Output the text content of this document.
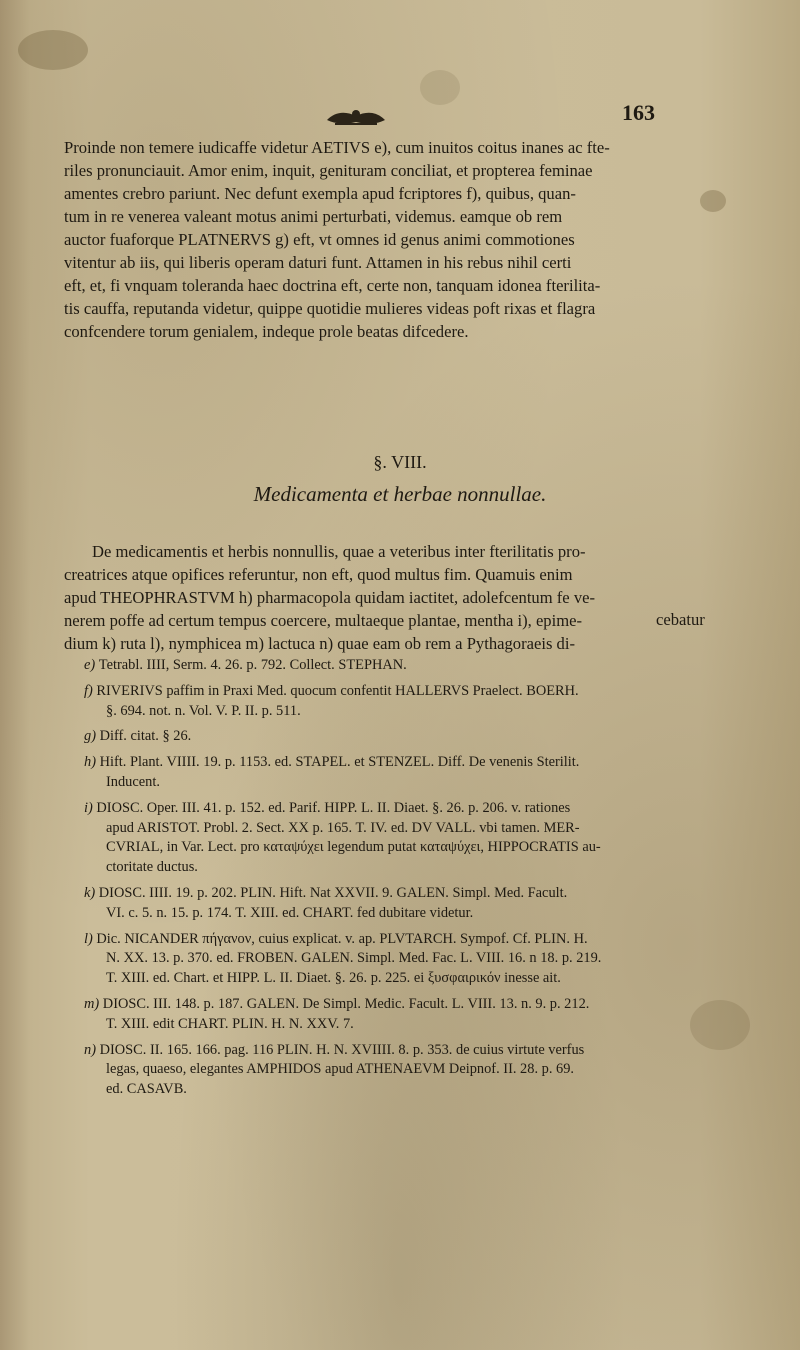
163
Proinde non temere iudicaffe videtur AETIVS e), cum inuitos coitus inanes ac fte-
riles pronunciauit. Amor enim, inquit, genituram conciliat, et propterea feminae
amentes crebro pariunt. Nec defunt exempla apud fcriptores f), quibus, quan-
tum in re venerea valeant motus animi perturbati, videmus. eamque ob rem
auctor fuaforque PLATNERVS g) eft, vt omnes id genus animi commotiones
vitentur ab iis, qui liberis operam daturi funt. Attamen in his rebus nihil certi
eft, et, fi vnquam toleranda haec doctrina eft, certe non, tanquam idonea fterilita-
tis cauffa, reputanda videtur, quippe quotidie mulieres videas poft rixas et flagra
confcendere torum genialem, indeque prole beatas difcedere.
§. VIII.
Medicamenta et herbae nonnullae.
De medicamentis et herbis nonnullis, quae a veteribus inter fterilitatis pro-
creatrices atque opifices referuntur, non eft, quod multus fim. Quamuis enim
apud THEOPHRASTVM h) pharmacopola quidam iactitet, adolefcentum fe ve-
nerem poffe ad certum tempus coercere, multaeque plantae, mentha i), epime-
dium k) ruta l), nymphicea m) lactuca n) quae eam ob rem a Pythagoraeis di-
cebatur
e) Tetrabl. IIII, Serm. 4. 26. p. 792. Collect. STEPHAN.
f) RIVERIVS paffim in Praxi Med. quocum confentit HALLERVS Praelect. BOERH.
§. 694. not. n. Vol. V. P. II. p. 511.
g) Diff. citat. § 26.
h) Hift. Plant. VIIII. 19. p. 1153. ed. STAPEL. et STENZEL. Diff. De venenis Sterilit.
Inducent.
i) DIOSC. Oper. III. 41. p. 152. ed. Parif. HIPP. L. II. Diaet. §. 26. p. 206. v. rationes
apud ARISTOT. Probl. 2. Sect. XX p. 165. T. IV. ed. DV VALL. vbi tamen. MER-
CVRIAL, in Var. Lect. pro καταψύχει legendum putat καταψύχει, HIPPOCRATIS au-
ctoritate ductus.
k) DIOSC. IIII. 19. p. 202. PLIN. Hift. Nat XXVII. 9. GALEN. Simpl. Med. Facult.
VI. c. 5. n. 15. p. 174. T. XIII. ed. CHART. fed dubitare videtur.
l) Dic. NICANDER πήγανον, cuius explicat. v. ap. PLVTARCH. Sympof. Cf. PLIN. H.
N. XX. 13. p. 370. ed. FROBEN. GALEN. Simpl. Med. Fac. L. VIII. 16. n 18. p. 219.
T. XIII. ed. Chart. et HIPP. L. II. Diaet. §. 26. p. 225. ei ξυσφαιρικόν inesse ait.
m) DIOSC. III. 148. p. 187. GALEN. De Simpl. Medic. Facult. L. VIII. 13. n. 9. p. 212.
T. XIII. edit CHART. PLIN. H. N. XXV. 7.
n) DIOSC. II. 165. 166. pag. 116 PLIN. H. N. XVIIII. 8. p. 353. de cuius virtute verfus
legas, quaeso, elegantes AMPHIDOS apud ATHENAEVM Deipnof. II. 28. p. 69.
ed. CASAVB.
